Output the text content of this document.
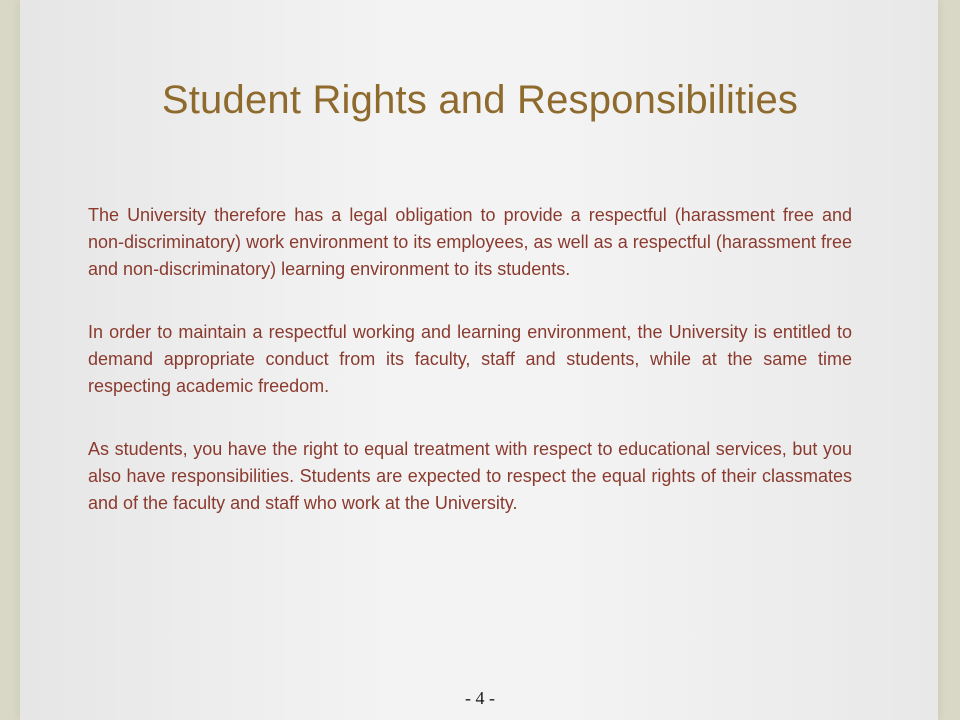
Student Rights and Responsibilities

The University therefore has a legal obligation to provide a respectful (harassment free and non-discriminatory) work environment to its employees, as well as a respectful (harassment free and non-discriminatory) learning environment to its students.

In order to maintain a respectful working and learning environment, the University is entitled to demand appropriate conduct from its faculty, staff and students, while at the same time respecting academic freedom.

As students, you have the right to equal treatment with respect to educational services, but you also have responsibilities. Students are expected to respect the equal rights of their classmates and of the faculty and staff who work at the University.

- 4 -
